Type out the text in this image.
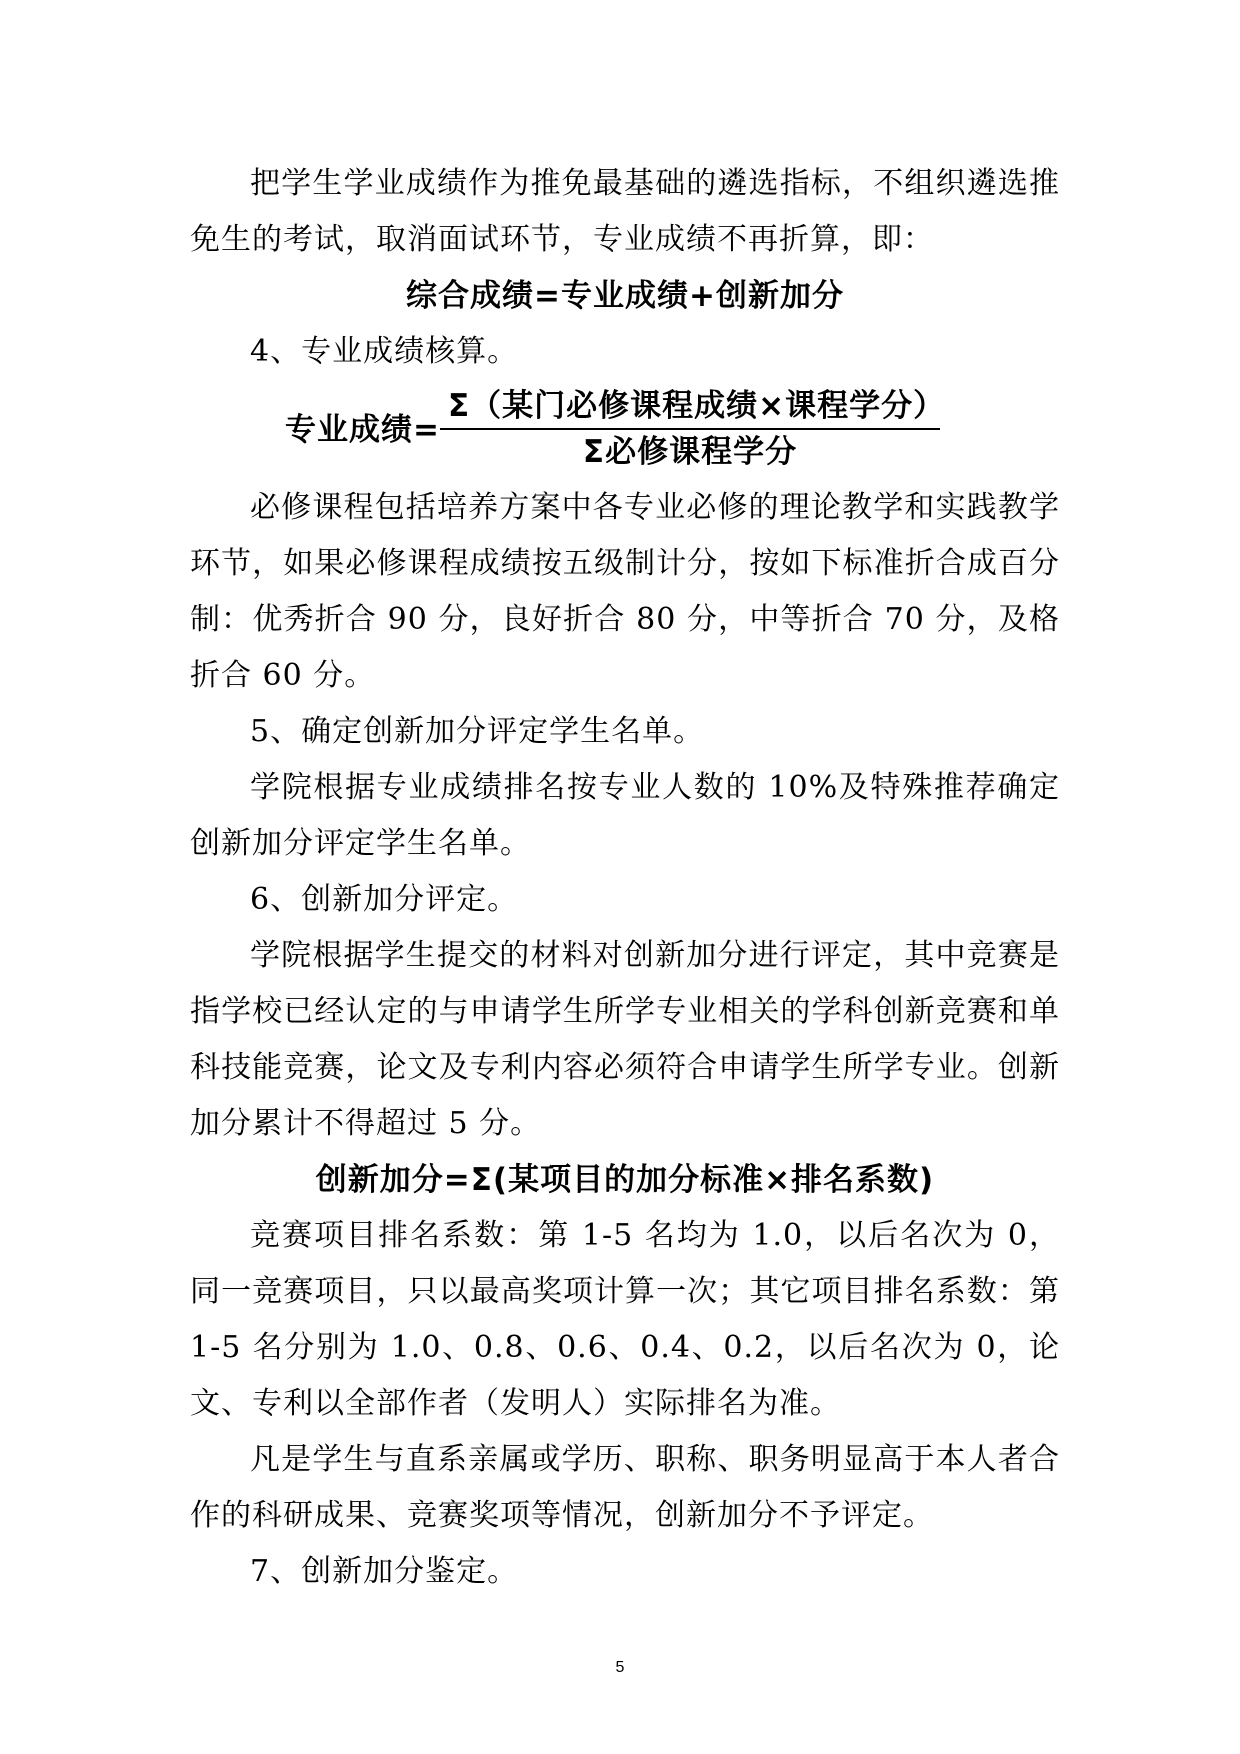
把学生学业成绩作为推免最基础的遴选指标，不组织遴选推免生的考试，取消面试环节，专业成绩不再折算，即：

综合成绩=专业成绩+创新加分

4、专业成绩核算。

专业成绩=
Σ（某门必修课程成绩×课程学分）
Σ必修课程学分

必修课程包括培养方案中各专业必修的理论教学和实践教学环节，如果必修课程成绩按五级制计分，按如下标准折合成百分制：优秀折合 90 分，良好折合 80 分，中等折合 70 分，及格折合 60 分。

5、确定创新加分评定学生名单。

学院根据专业成绩排名按专业人数的 10%及特殊推荐确定创新加分评定学生名单。

6、创新加分评定。

学院根据学生提交的材料对创新加分进行评定，其中竞赛是指学校已经认定的与申请学生所学专业相关的学科创新竞赛和单科技能竞赛，论文及专利内容必须符合申请学生所学专业。创新加分累计不得超过 5 分。

创新加分=Σ(某项目的加分标准×排名系数)

竞赛项目排名系数：第 1-5 名均为 1.0，以后名次为 0，同一竞赛项目，只以最高奖项计算一次；其它项目排名系数：第 1-5 名分别为 1.0、0.8、0.6、0.4、0.2，以后名次为 0，论文、专利以全部作者（发明人）实际排名为准。

凡是学生与直系亲属或学历、职称、职务明显高于本人者合作的科研成果、竞赛奖项等情况，创新加分不予评定。

7、创新加分鉴定。

5
